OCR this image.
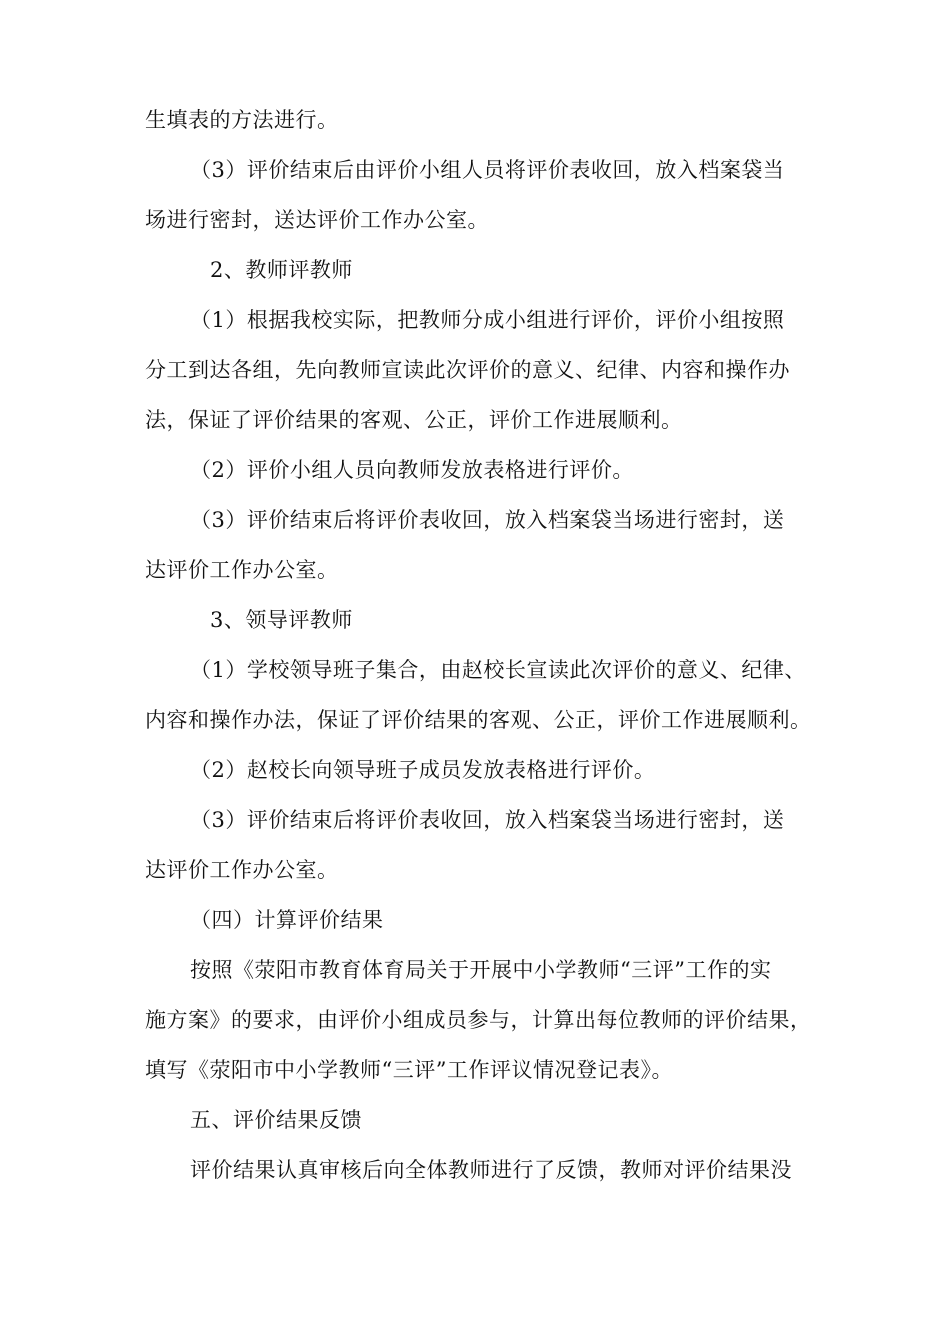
生填表的方法进行。
（3）评价结束后由评价小组人员将评价表收回，放入档案袋当
场进行密封，送达评价工作办公室。
2、教师评教师
（1）根据我校实际，把教师分成小组进行评价，评价小组按照
分工到达各组，先向教师宣读此次评价的意义、纪律、内容和操作办
法，保证了评价结果的客观、公正，评价工作进展顺利。
（2）评价小组人员向教师发放表格进行评价。
（3）评价结束后将评价表收回，放入档案袋当场进行密封，送
达评价工作办公室。
3、领导评教师
（1）学校领导班子集合，由赵校长宣读此次评价的意义、纪律、
内容和操作办法，保证了评价结果的客观、公正，评价工作进展顺利。
（2）赵校长向领导班子成员发放表格进行评价。
（3）评价结束后将评价表收回，放入档案袋当场进行密封，送
达评价工作办公室。
（四）计算评价结果
按照《荥阳市教育体育局关于开展中小学教师“三评”工作的实
施方案》的要求，由评价小组成员参与，计算出每位教师的评价结果，
填写《荥阳市中小学教师“三评”工作评议情况登记表》。
五、评价结果反馈
评价结果认真审核后向全体教师进行了反馈，教师对评价结果没
